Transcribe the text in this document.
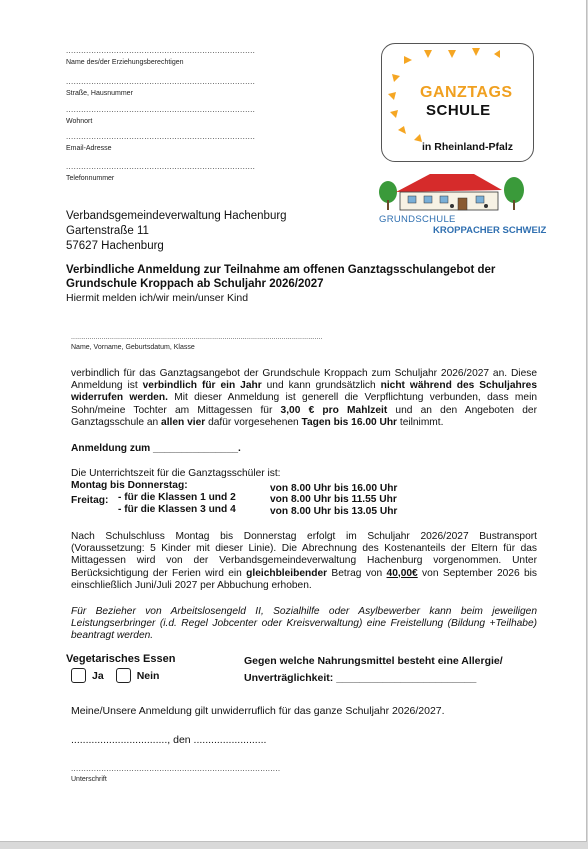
...........................................................................
Name des/der Erziehungsberechtigen
...........................................................................
Straße, Hausnummer
...........................................................................
Wohnort
...........................................................................
Email-Adresse
...........................................................................
Telefonnummer
GANZTAGS
SCHULE
in Rheinland-Pfalz
GRUNDSCHULE
KROPPACHER SCHWEIZ
Verbandsgemeindeverwaltung Hachenburg
Gartenstraße 11
57627 Hachenburg
Verbindliche Anmeldung zur Teilnahme am offenen Ganztagsschulangebot der
Grundschule Kroppach ab Schuljahr 2026/2027
Hiermit melden ich/wir mein/unser Kind
...........................................................................................................................
Name, Vorname, Geburtsdatum, Klasse
verbindlich für das Ganztagsangebot der Grundschule Kroppach zum Schuljahr 2026/2027 an. Diese Anmeldung ist verbindlich für ein Jahr und kann grundsätzlich nicht während des Schuljahres widerrufen werden. Mit dieser Anmeldung ist generell die Verpflichtung verbunden, dass mein Sohn/meine Tochter am Mittagessen für 3,00 € pro Mahlzeit und an den Angeboten der Ganztagsschule an allen vier dafür vorgesehenen Tagen bis 16.00 Uhr teilnimmt.
Anmeldung zum _______________.
Die Unterrichtszeit für die Ganztagsschüler ist:
Montag bis Donnerstag:	von 8.00 Uhr bis 16.00 Uhr
Freitag: - für die Klassen 1 und 2	von 8.00 Uhr bis 11.55 Uhr
- für die Klassen 3 und 4	von 8.00 Uhr bis 13.05 Uhr
Nach Schulschluss Montag bis Donnerstag erfolgt im Schuljahr 2026/2027 Bustransport (Voraussetzung: 5 Kinder mit dieser Linie). Die Abrechnung des Kostenanteils der Eltern für das Mittagessen wird von der Verbandsgemeindeverwaltung Hachenburg vorgenommen. Unter Berücksichtigung der Ferien wird ein gleichbleibender Betrag von 40,00€ von September 2026 bis einschließlich Juni/Juli 2027 per Abbuchung erhoben.
Für Bezieher von Arbeitslosengeld II, Sozialhilfe oder Asylbewerber kann beim jeweiligen Leistungserbringer (i.d. Regel Jobcenter oder Kreisverwaltung) eine Freistellung (Bildung +Teilhabe) beantragt werden.
Vegetarisches Essen
Ja	Nein
Gegen welche Nahrungsmittel besteht eine Allergie/
Unverträglichkeit: ________________________
Meine/Unsere Anmeldung gilt unwiderruflich für das ganze Schuljahr 2026/2027.
................................., den .........................
...................................................................................
Unterschrift
